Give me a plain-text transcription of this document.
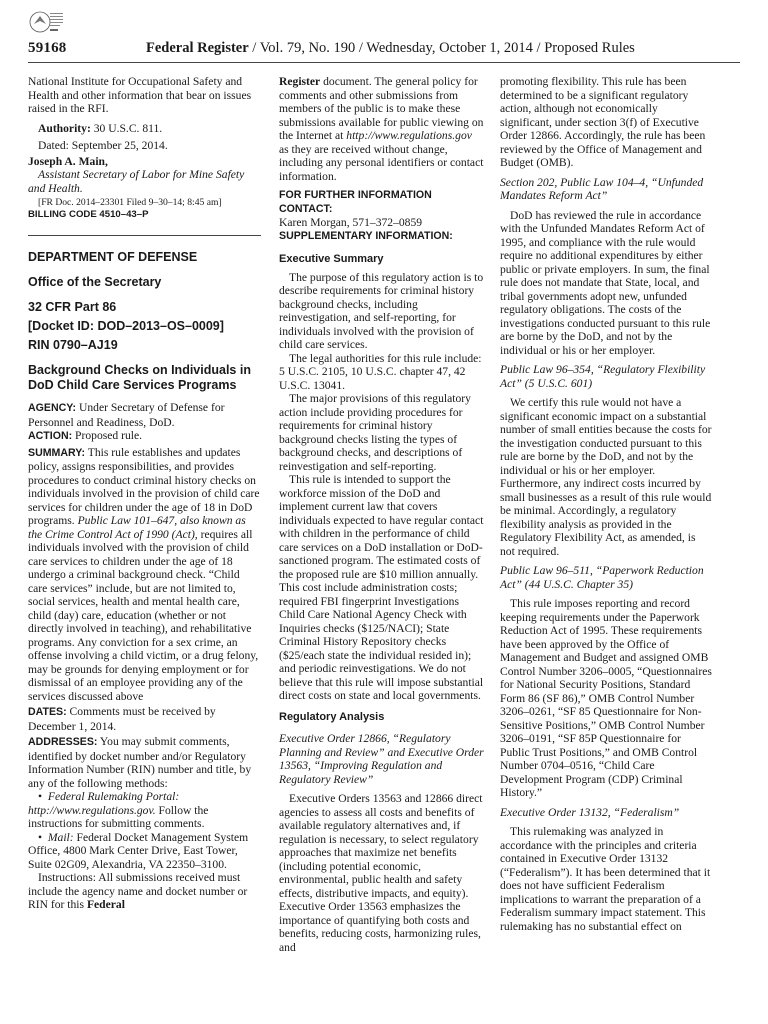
59168	Federal Register / Vol. 79, No. 190 / Wednesday, October 1, 2014 / Proposed Rules

National Institute for Occupational Safety and Health and other information that bear on issues raised in the RFI.

Authority: 30 U.S.C. 811.

Dated: September 25, 2014.

Joseph A. Main,

Assistant Secretary of Labor for Mine Safety and Health.

[FR Doc. 2014–23301 Filed 9–30–14; 8:45 am]

BILLING CODE 4510–43–P

DEPARTMENT OF DEFENSE

Office of the Secretary

32 CFR Part 86

[Docket ID: DOD–2013–OS–0009]

RIN 0790–AJ19

Background Checks on Individuals in DoD Child Care Services Programs

AGENCY: Under Secretary of Defense for Personnel and Readiness, DoD.

ACTION: Proposed rule.

SUMMARY: This rule establishes and updates policy, assigns responsibilities, and provides procedures to conduct criminal history checks on individuals involved in the provision of child care services for children under the age of 18 in DoD programs. Public Law 101–647, also known as the Crime Control Act of 1990 (Act), requires all individuals involved with the provision of child care services to children under the age of 18 undergo a criminal background check. “Child care services” include, but are not limited to, social services, health and mental health care, child (day) care, education (whether or not directly involved in teaching), and rehabilitative programs. Any conviction for a sex crime, an offense involving a child victim, or a drug felony, may be grounds for denying employment or for dismissal of an employee providing any of the services discussed above

DATES: Comments must be received by December 1, 2014.

ADDRESSES: You may submit comments, identified by docket number and/or Regulatory Information Number (RIN) number and title, by any of the following methods:

•  Federal Rulemaking Portal: http://www.regulations.gov. Follow the instructions for submitting comments.

•  Mail: Federal Docket Management System Office, 4800 Mark Center Drive, East Tower, Suite 02G09, Alexandria, VA 22350–3100.

Instructions: All submissions received must include the agency name and docket number or RIN for this Federal

Register document. The general policy for comments and other submissions from members of the public is to make these submissions available for public viewing on the Internet at http://www.regulations.gov as they are received without change, including any personal identifiers or contact information.

FOR FURTHER INFORMATION CONTACT:

Karen Morgan, 571–372–0859

SUPPLEMENTARY INFORMATION:

Executive Summary

The purpose of this regulatory action is to describe requirements for criminal history background checks, including reinvestigation, and self-reporting, for individuals involved with the provision of child care services.

The legal authorities for this rule include: 5 U.S.C. 2105, 10 U.S.C. chapter 47, 42 U.S.C. 13041.

The major provisions of this regulatory action include providing procedures for requirements for criminal history background checks listing the types of background checks, and descriptions of reinvestigation and self-reporting.

This rule is intended to support the workforce mission of the DoD and implement current law that covers individuals expected to have regular contact with children in the performance of child care services on a DoD installation or DoD-sanctioned program. The estimated costs of the proposed rule are $10 million annually. This cost include administration costs; required FBI fingerprint Investigations Child Care National Agency Check with Inquiries checks ($125/NACI); State Criminal History Repository checks ($25/each state the individual resided in); and periodic reinvestigations. We do not believe that this rule will impose substantial direct costs on state and local governments.

Regulatory Analysis

Executive Order 12866, “Regulatory Planning and Review” and Executive Order 13563, “Improving Regulation and Regulatory Review”

Executive Orders 13563 and 12866 direct agencies to assess all costs and benefits of available regulatory alternatives and, if regulation is necessary, to select regulatory approaches that maximize net benefits (including potential economic, environmental, public health and safety effects, distributive impacts, and equity). Executive Order 13563 emphasizes the importance of quantifying both costs and benefits, reducing costs, harmonizing rules, and

promoting flexibility. This rule has been determined to be a significant regulatory action, although not economically significant, under section 3(f) of Executive Order 12866. Accordingly, the rule has been reviewed by the Office of Management and Budget (OMB).

Section 202, Public Law 104–4, “Unfunded Mandates Reform Act”

DoD has reviewed the rule in accordance with the Unfunded Mandates Reform Act of 1995, and compliance with the rule would require no additional expenditures by either public or private employers. In sum, the final rule does not mandate that State, local, and tribal governments adopt new, unfunded regulatory obligations. The costs of the investigations conducted pursuant to this rule are borne by the DoD, and not by the individual or his or her employer.

Public Law 96–354, “Regulatory Flexibility Act” (5 U.S.C. 601)

We certify this rule would not have a significant economic impact on a substantial number of small entities because the costs for the investigation conducted pursuant to this rule are borne by the DoD, and not by the individual or his or her employer. Furthermore, any indirect costs incurred by small businesses as a result of this rule would be minimal. Accordingly, a regulatory flexibility analysis as provided in the Regulatory Flexibility Act, as amended, is not required.

Public Law 96–511, “Paperwork Reduction Act” (44 U.S.C. Chapter 35)

This rule imposes reporting and record keeping requirements under the Paperwork Reduction Act of 1995. These requirements have been approved by the Office of Management and Budget and assigned OMB Control Number 3206–0005, “Questionnaires for National Security Positions, Standard Form 86 (SF 86),” OMB Control Number 3206–0261, “SF 85 Questionnaire for Non-Sensitive Positions,” OMB Control Number 3206–0191, “SF 85P Questionnaire for Public Trust Positions,” and OMB Control Number 0704–0516, “Child Care Development Program (CDP) Criminal History.”

Executive Order 13132, “Federalism”

This rulemaking was analyzed in accordance with the principles and criteria contained in Executive Order 13132 (“Federalism”). It has been determined that it does not have sufficient Federalism implications to warrant the preparation of a Federalism summary impact statement. This rulemaking has no substantial effect on
